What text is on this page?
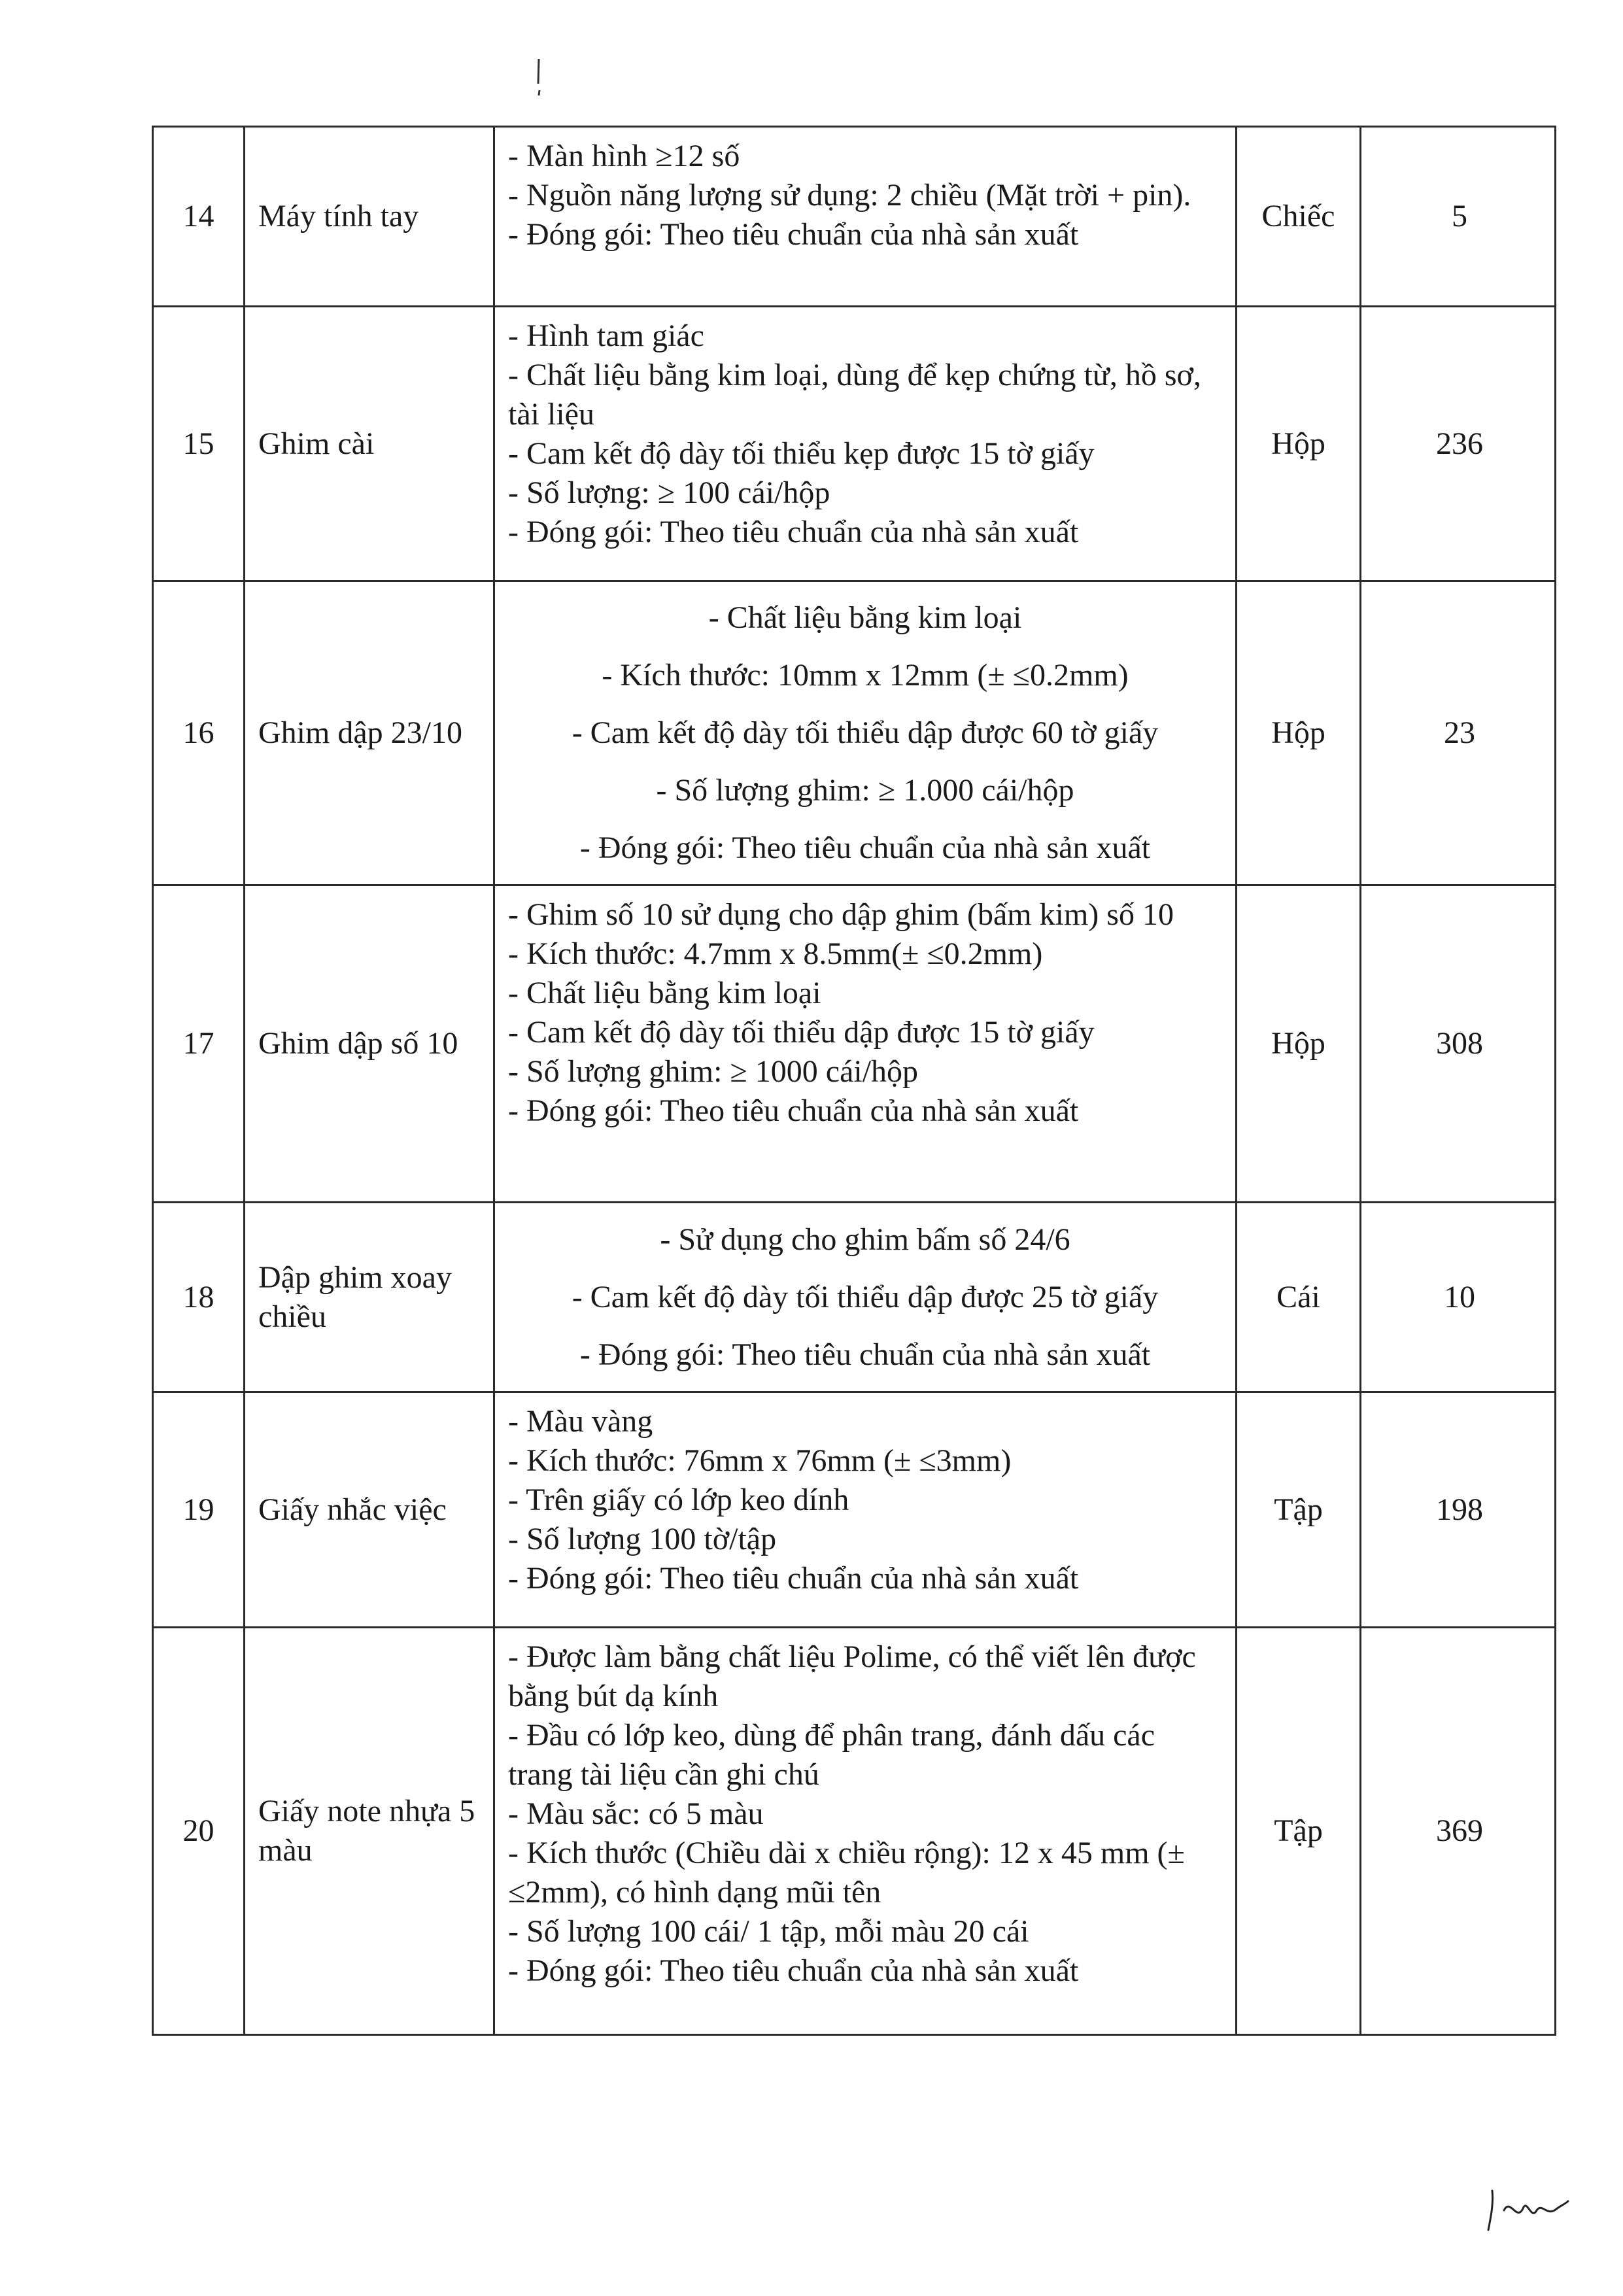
14	Máy tính tay
- Màn hình ≥12 số
- Nguồn năng lượng sử dụng: 2 chiều (Mặt trời + pin).
- Đóng gói: Theo tiêu chuẩn của nhà sản xuất
Chiếc	5
15	Ghim cài
- Hình tam giác
- Chất liệu bằng kim loại, dùng để kẹp chứng từ, hồ sơ, tài liệu
- Cam kết độ dày tối thiểu kẹp được 15 tờ giấy
- Số lượng: ≥ 100 cái/hộp
- Đóng gói: Theo tiêu chuẩn của nhà sản xuất
Hộp	236
16	Ghim dập 23/10
- Chất liệu bằng kim loại
- Kích thước: 10mm x 12mm (± ≤0.2mm)
- Cam kết độ dày tối thiểu dập được 60 tờ giấy
- Số lượng ghim: ≥ 1.000 cái/hộp
- Đóng gói: Theo tiêu chuẩn của nhà sản xuất
Hộp	23
17	Ghim dập số 10
- Ghim số 10 sử dụng cho dập ghim (bấm kim) số 10
- Kích thước: 4.7mm x 8.5mm(± ≤0.2mm)
- Chất liệu bằng kim loại
- Cam kết độ dày tối thiểu dập được 15 tờ giấy
- Số lượng ghim: ≥ 1000 cái/hộp
- Đóng gói: Theo tiêu chuẩn của nhà sản xuất
Hộp	308
18
Dập ghim xoay chiều
- Sử dụng cho ghim bấm số 24/6
- Cam kết độ dày tối thiểu dập được 25 tờ giấy
- Đóng gói: Theo tiêu chuẩn của nhà sản xuất
Cái	10
19	Giấy nhắc việc
- Màu vàng
- Kích thước: 76mm x 76mm (± ≤3mm)
- Trên giấy có lớp keo dính
- Số lượng 100 tờ/tập
- Đóng gói: Theo tiêu chuẩn của nhà sản xuất
Tập	198
20
Giấy note nhựa 5 màu
- Được làm bằng chất liệu Polime, có thể viết lên được bằng bút dạ kính
- Đầu có lớp keo, dùng để phân trang, đánh dấu các trang tài liệu cần ghi chú
- Màu sắc: có 5 màu
- Kích thước (Chiều dài x chiều rộng): 12 x 45 mm (± ≤2mm), có hình dạng mũi tên
- Số lượng 100 cái/ 1 tập, mỗi màu 20 cái
- Đóng gói: Theo tiêu chuẩn của nhà sản xuất
Tập	369
